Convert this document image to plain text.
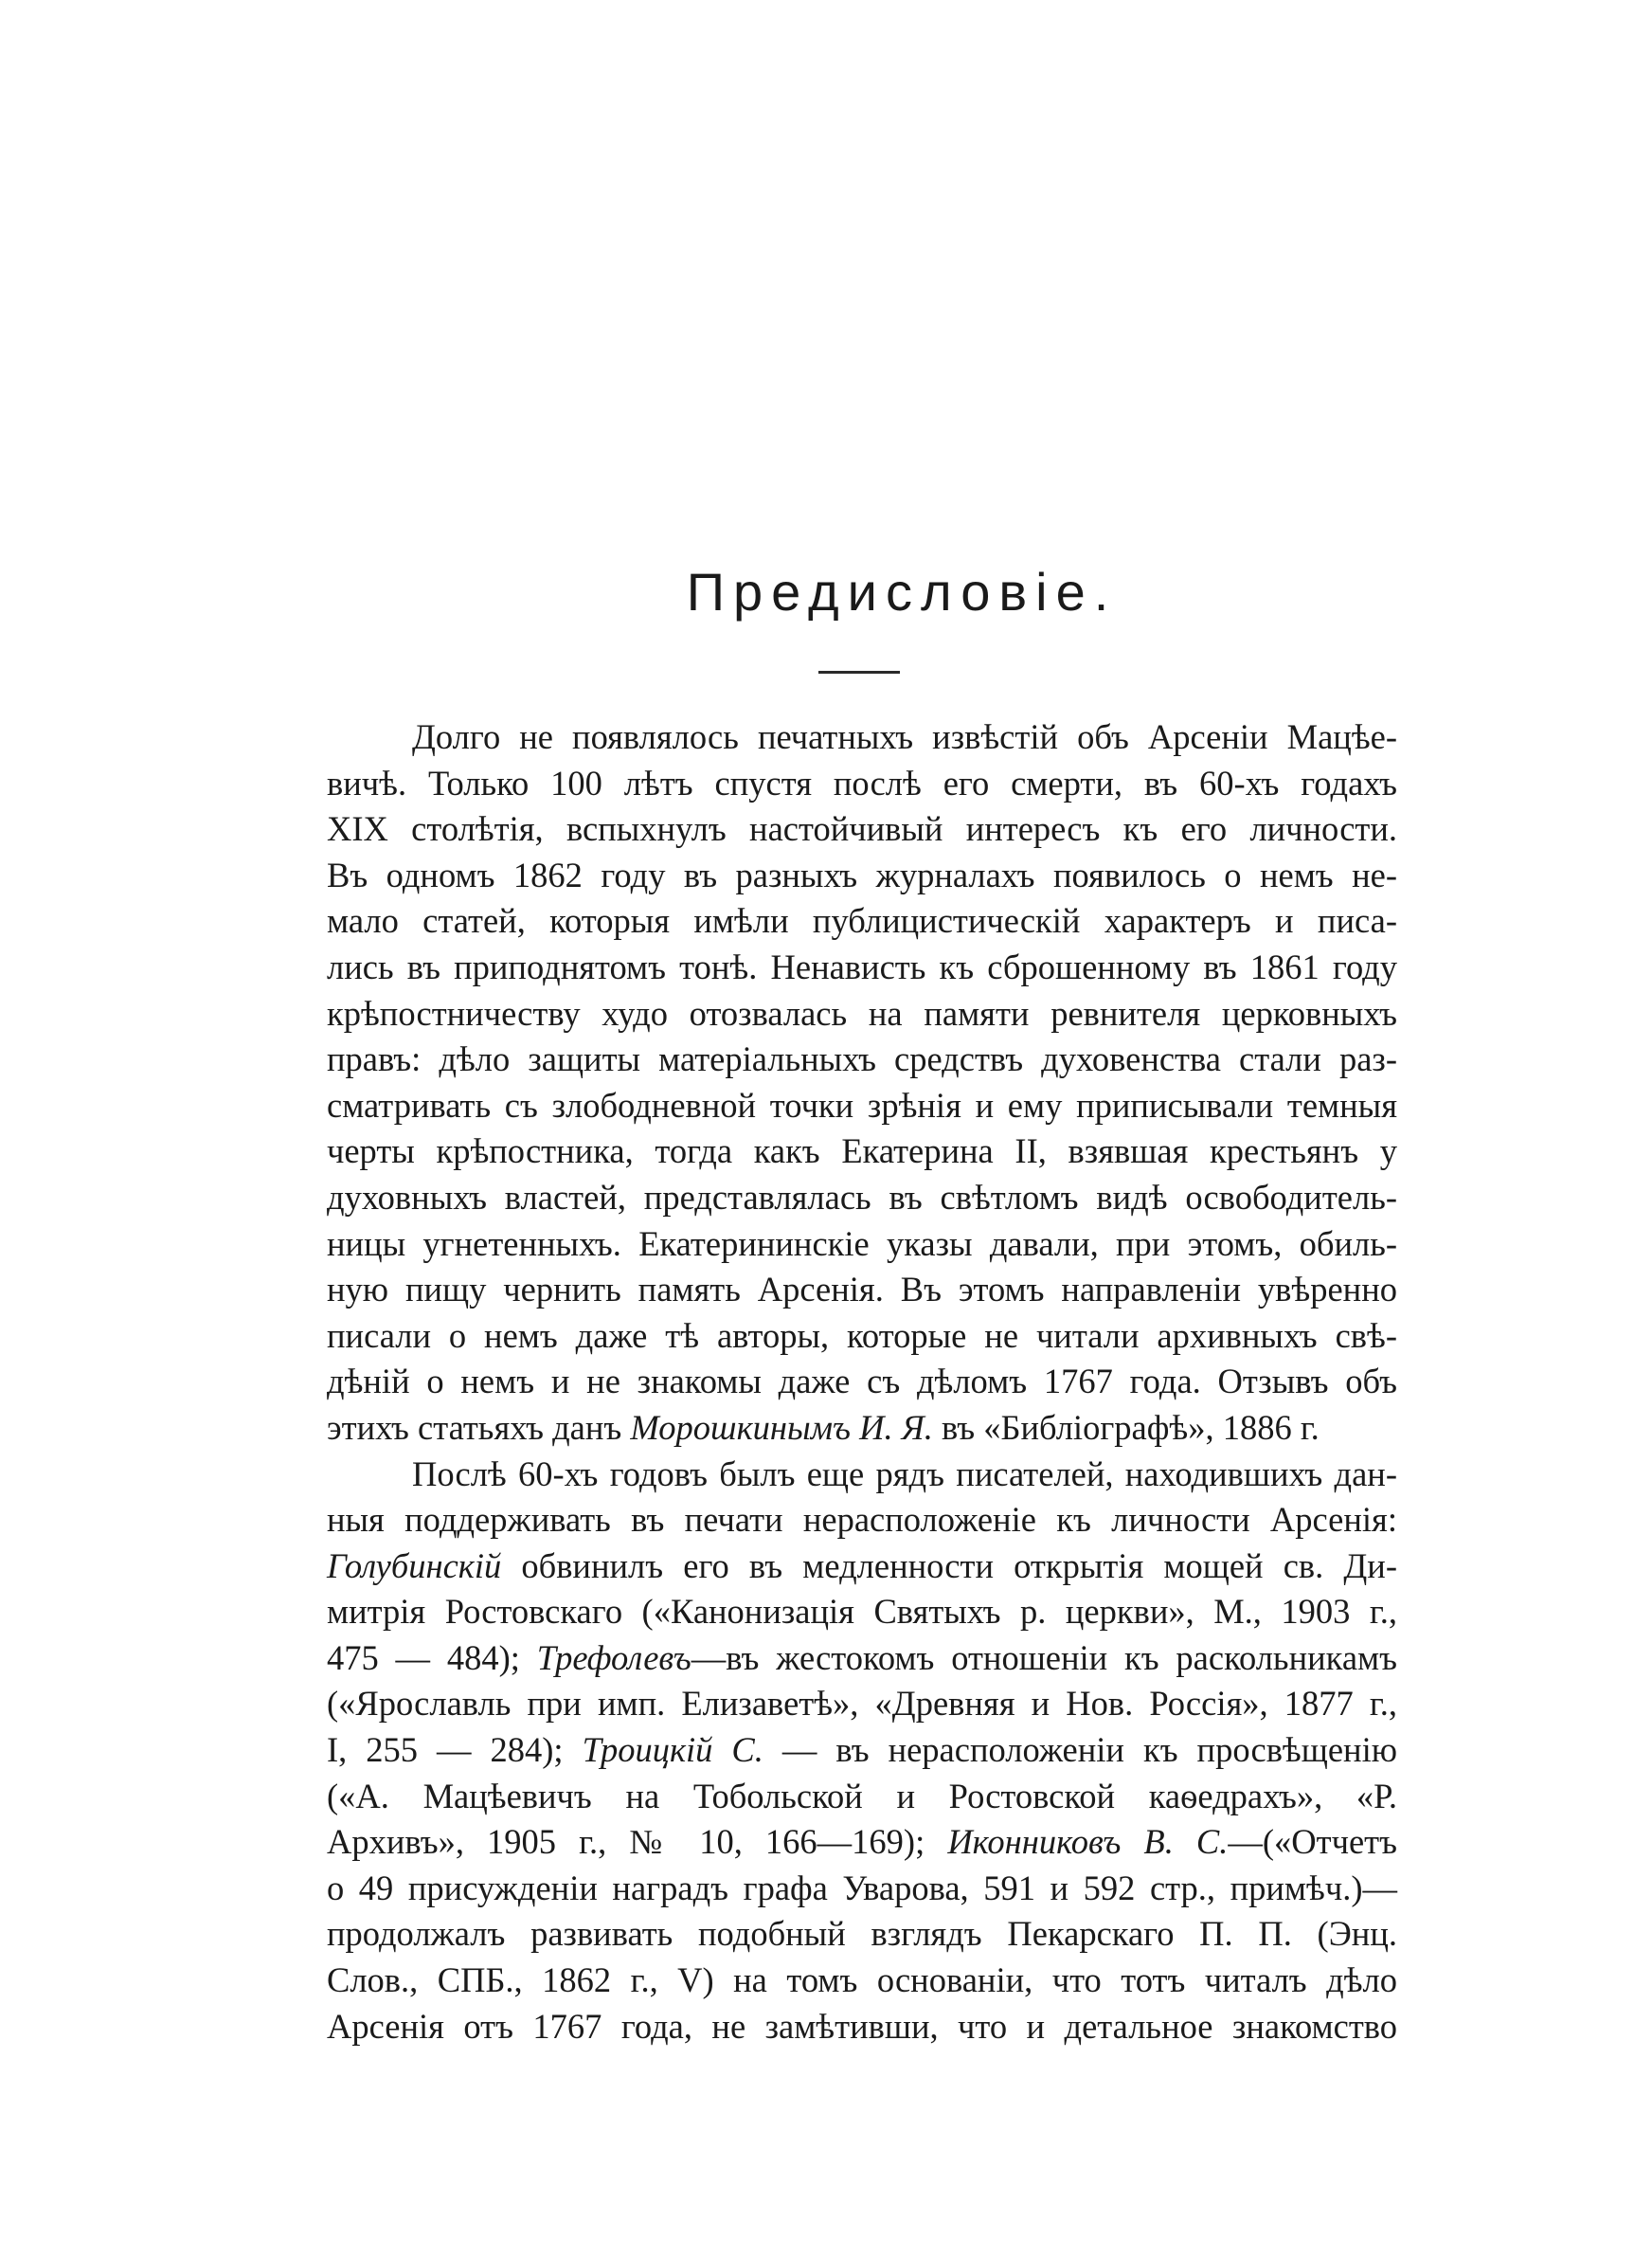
Предисловіе.
Долго не появлялось печатныхъ извѣстій объ Арсеніи Мацѣе-
вичѣ. Только 100 лѣтъ спустя послѣ его смерти, въ 60-хъ годахъ
XIX столѣтія, вспыхнулъ настойчивый интересъ къ его личности.
Въ одномъ 1862 году въ разныхъ журналахъ появилось о немъ не-
мало статей, которыя имѣли публицистическій характеръ и писа-
лись въ приподнятомъ тонѣ. Ненависть къ сброшенному въ 1861 году
крѣпостничеству худо отозвалась на памяти ревнителя церковныхъ
правъ: дѣло защиты матеріальныхъ средствъ духовенства стали раз-
сматривать съ злободневной точки зрѣнія и ему приписывали темныя
черты крѣпостника, тогда какъ Екатерина II, взявшая крестьянъ у
духовныхъ властей, представлялась въ свѣтломъ видѣ освободитель-
ницы угнетенныхъ. Екатерининскіе указы давали, при этомъ, обиль-
ную пищу чернить память Арсенія. Въ этомъ направленіи увѣренно
писали о немъ даже тѣ авторы, которые не читали архивныхъ свѣ-
дѣній о немъ и не знакомы даже съ дѣломъ 1767 года. Отзывъ объ
этихъ статьяхъ данъ Морошкинымъ И. Я. въ «Библіографѣ», 1886 г.
Послѣ 60-хъ годовъ былъ еще рядъ писателей, находившихъ дан-
ныя поддерживать въ печати нерасположеніе къ личности Арсенія:
Голубинскій обвинилъ его въ медленности открытія мощей св. Ди-
митрія Ростовскаго («Канонизація Святыхъ р. церкви», М., 1903 г.,
475 — 484); Трефолевъ—въ жестокомъ отношеніи къ раскольникамъ
(«Ярославль при имп. Елизаветѣ», «Древняя и Нов. Россія», 1877 г.,
I, 255 — 284); Троицкій С. — въ нерасположеніи къ просвѣщенію
(«А. Мацѣевичъ на Тобольской и Ростовской каѳедрахъ», «Р.
Архивъ», 1905 г., № 10, 166—169); Иконниковъ В. С.—(«Отчетъ
о 49 присужденіи наградъ графа Уварова, 591 и 592 стр., примѣч.)—
продолжалъ развивать подобный взглядъ Пекарскаго П. П. (Энц.
Слов., СПБ., 1862 г., V) на томъ основаніи, что тотъ читалъ дѣло
Арсенія отъ 1767 года, не замѣтивши, что и детальное знакомство
